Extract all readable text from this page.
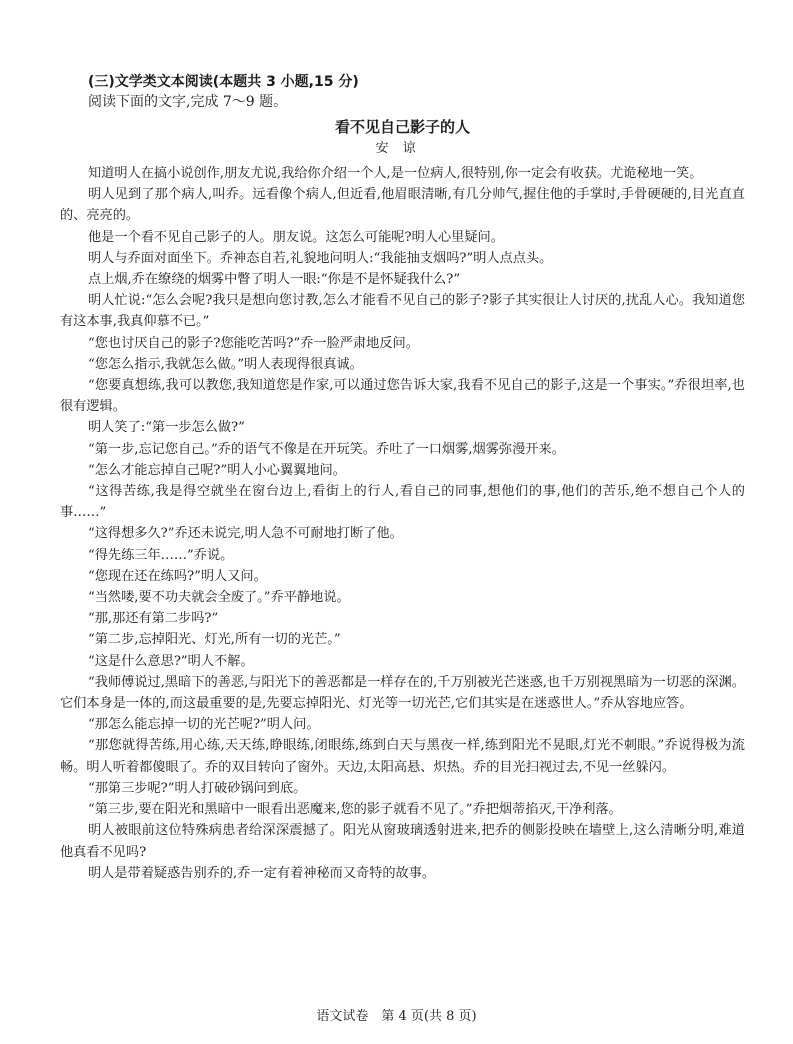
(三)文学类文本阅读(本题共 3 小题,15 分)

阅读下面的文字,完成 7～9 题。

看不见自己影子的人

安谅

知道明人在搞小说创作,朋友尤说,我给你介绍一个人,是一位病人,很特别,你一定会有收获。尤诡秘地一笑。

明人见到了那个病人,叫乔。远看像个病人,但近看,他眉眼清晰,有几分帅气,握住他的手掌时,手骨硬硬的,目光直直的、亮亮的。

他是一个看不见自己影子的人。朋友说。这怎么可能呢?明人心里疑问。

明人与乔面对面坐下。乔神态自若,礼貌地问明人:“我能抽支烟吗?”明人点点头。

点上烟,乔在缭绕的烟雾中瞥了明人一眼:“你是不是怀疑我什么?”

明人忙说:“怎么会呢?我只是想向您讨教,怎么才能看不见自己的影子?影子其实很让人讨厌的,扰乱人心。我知道您有这本事,我真仰慕不已。”

“您也讨厌自己的影子?您能吃苦吗?”乔一脸严肃地反问。

“您怎么指示,我就怎么做。”明人表现得很真诚。

“您要真想练,我可以教您,我知道您是作家,可以通过您告诉大家,我看不见自己的影子,这是一个事实。”乔很坦率,也很有逻辑。

明人笑了:“第一步怎么做?”

“第一步,忘记您自己。”乔的语气不像是在开玩笑。乔吐了一口烟雾,烟雾弥漫开来。

“怎么才能忘掉自己呢?”明人小心翼翼地问。

“这得苦练,我是得空就坐在窗台边上,看街上的行人,看自己的同事,想他们的事,他们的苦乐,绝不想自己个人的事……”

“这得想多久?”乔还未说完,明人急不可耐地打断了他。

“得先练三年……”乔说。

“您现在还在练吗?”明人又问。

“当然喽,要不功夫就会全废了。”乔平静地说。

“那,那还有第二步吗?”

“第二步,忘掉阳光、灯光,所有一切的光芒。”

“这是什么意思?”明人不解。

“我师傅说过,黑暗下的善恶,与阳光下的善恶都是一样存在的,千万别被光芒迷惑,也千万别视黑暗为一切恶的深渊。它们本身是一体的,而这最重要的是,先要忘掉阳光、灯光等一切光芒,它们其实是在迷惑世人。”乔从容地应答。

“那怎么能忘掉一切的光芒呢?”明人问。

“那您就得苦练,用心练,天天练,睁眼练,闭眼练,练到白天与黑夜一样,练到阳光不晃眼,灯光不刺眼。”乔说得极为流畅。明人听着都傻眼了。乔的双目转向了窗外。天边,太阳高悬、炽热。乔的目光扫视过去,不见一丝躲闪。

“那第三步呢?”明人打破砂锅问到底。

“第三步,要在阳光和黑暗中一眼看出恶魔来,您的影子就看不见了。”乔把烟蒂掐灭,干净利落。

明人被眼前这位特殊病患者给深深震撼了。阳光从窗玻璃透射进来,把乔的侧影投映在墙壁上,这么清晰分明,难道他真看不见吗?

明人是带着疑惑告别乔的,乔一定有着神秘而又奇特的故事。

语文试卷　第 4 页(共 8 页)
